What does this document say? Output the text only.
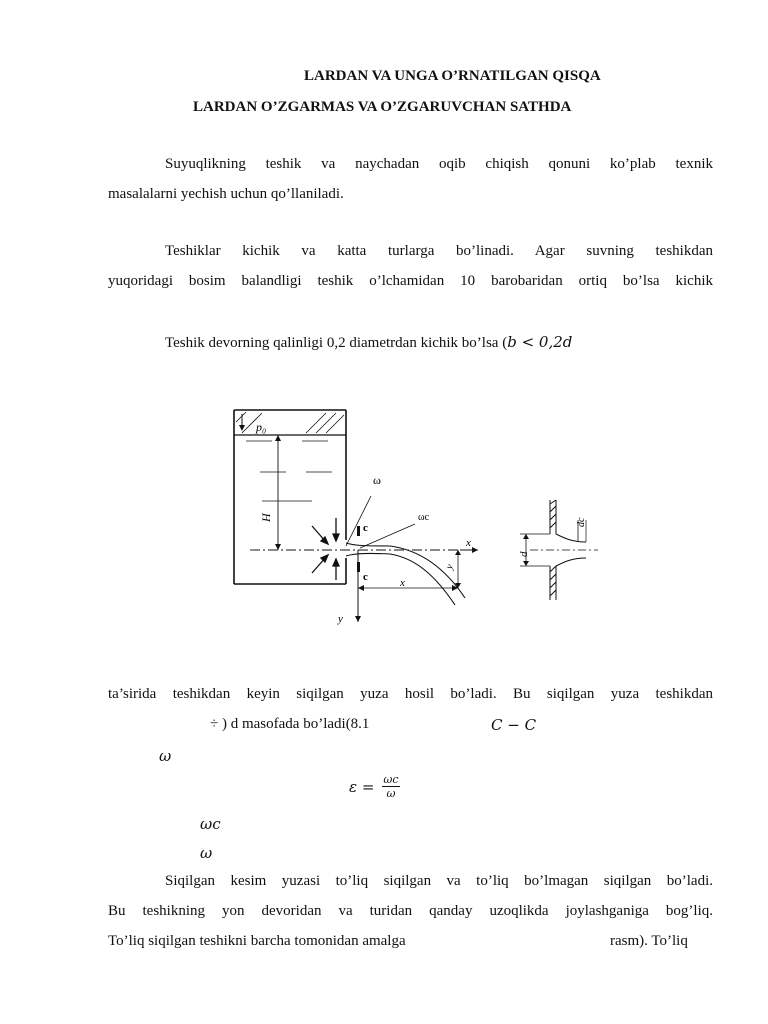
LARDAN VA UNGA O’RNATILGAN QISQA
LARDAN O’ZGARMAS VA O’ZGARUVCHAN SATHDA
Suyuqlikning teshik va naychadan oqib chiqish qonuni ko’plab texnik
masalalarni yechish uchun qo’llaniladi.
Teshiklar kichik va katta turlarga bo’linadi. Agar suvning teshikdan
yuqoridagi bosim balandligi teshik o’lchamidan 10 barobaridan ortiq bo’lsa kichik
Teshik devorning qalinligi 0,2 diametrdan kichik bo’lsa (b < 0,2d
p₀
H
c
c
ω
ωc
x
y
x
y
d
dc
ta’sirida teshikdan keyin siqilgan yuza hosil bo’ladi. Bu siqilgan yuza teshikdan
÷ ) d masofada bo’ladi(8.1	C − C
ω
$\varepsilon = \frac{\omega c}{\omega}$
ωc
ω
Siqilgan kesim yuzasi to’liq siqilgan va to’liq bo’lmagan siqilgan bo’ladi.
Bu teshikning yon devoridan va turidan qanday uzoqlikda joylashganiga bog’liq.
To’liq siqilgan teshikni barcha tomonidan amalga	rasm). To’liq
